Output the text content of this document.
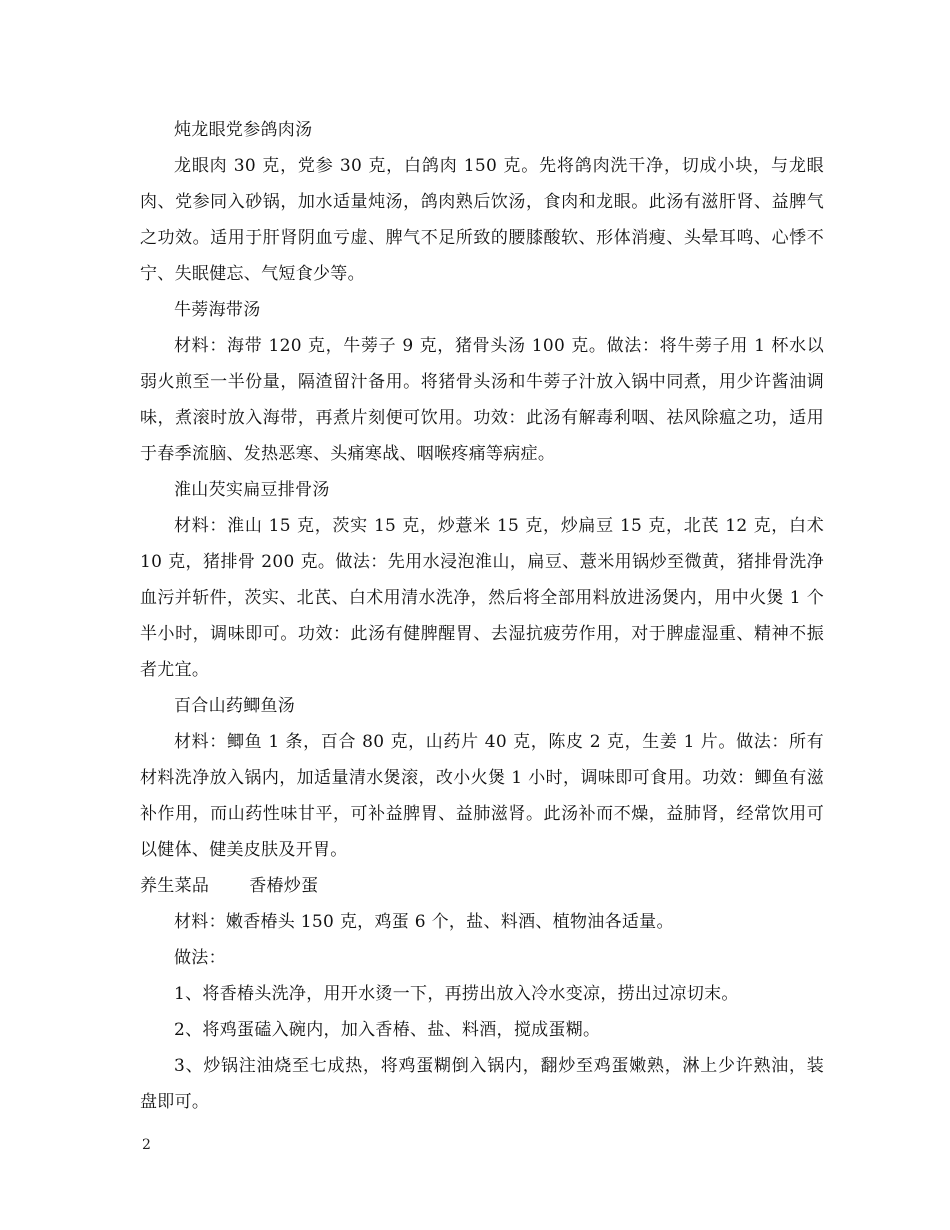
炖龙眼党参鸽肉汤

龙眼肉 30 克，党参 30 克，白鸽肉 150 克。先将鸽肉洗干净，切成小块，与龙眼肉、党参同入砂锅，加水适量炖汤，鸽肉熟后饮汤，食肉和龙眼。此汤有滋肝肾、益脾气之功效。适用于肝肾阴血亏虚、脾气不足所致的腰膝酸软、形体消瘦、头晕耳鸣、心悸不宁、失眠健忘、气短食少等。

牛蒡海带汤

材料：海带 120 克，牛蒡子 9 克，猪骨头汤 100 克。做法：将牛蒡子用 1 杯水以弱火煎至一半份量，隔渣留汁备用。将猪骨头汤和牛蒡子汁放入锅中同煮，用少许酱油调味，煮滚时放入海带，再煮片刻便可饮用。功效：此汤有解毒利咽、祛风除瘟之功，适用于春季流脑、发热恶寒、头痛寒战、咽喉疼痛等病症。

淮山芡实扁豆排骨汤

材料：淮山 15 克，茨实 15 克，炒薏米 15 克，炒扁豆 15 克，北芪 12 克，白术 10 克，猪排骨 200 克。做法：先用水浸泡淮山，扁豆、薏米用锅炒至微黄，猪排骨洗净血污并斩件，茨实、北芪、白术用清水洗净，然后将全部用料放进汤煲内，用中火煲 1 个半小时，调味即可。功效：此汤有健脾醒胃、去湿抗疲劳作用，对于脾虚湿重、精神不振者尤宜。

百合山药鲫鱼汤

材料：鲫鱼 1 条，百合 80 克，山药片 40 克，陈皮 2 克，生姜 1 片。做法：所有材料洗净放入锅内，加适量清水煲滚，改小火煲 1 小时，调味即可食用。功效：鲫鱼有滋补作用，而山药性味甘平，可补益脾胃、益肺滋肾。此汤补而不燥，益肺肾，经常饮用可以健体、健美皮肤及开胃。

养生菜品 香椿炒蛋

材料：嫩香椿头 150 克，鸡蛋 6 个，盐、料酒、植物油各适量。

做法：

1、将香椿头洗净，用开水烫一下，再捞出放入冷水变凉，捞出过凉切末。

2、将鸡蛋磕入碗内，加入香椿、盐、料酒，搅成蛋糊。

3、炒锅注油烧至七成热，将鸡蛋糊倒入锅内，翻炒至鸡蛋嫩熟，淋上少许熟油，装盘即可。

2
